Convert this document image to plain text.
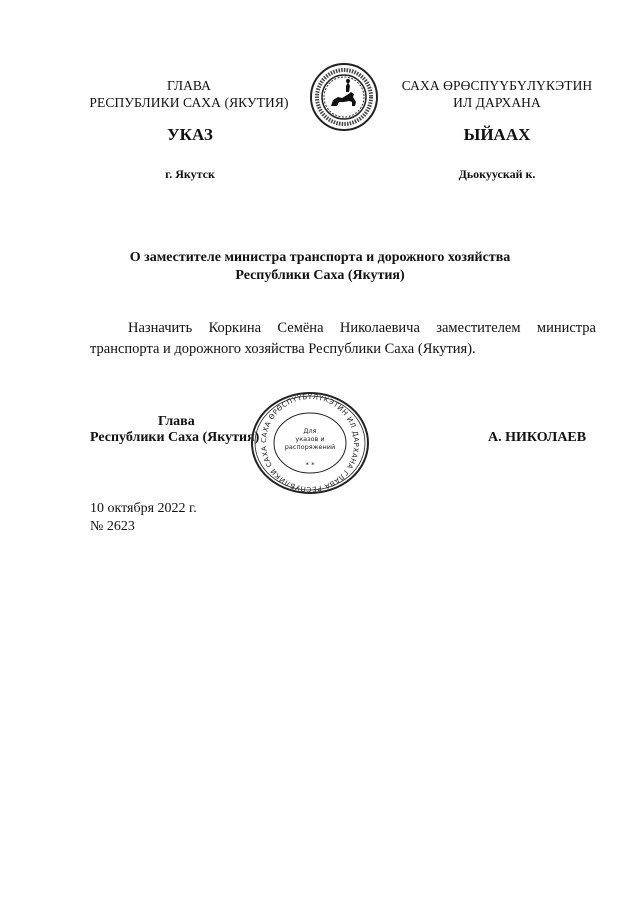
ГЛАВА
РЕСПУБЛИКИ САХА (ЯКУТИЯ)
САХА ӨРӨСПҮҮБҮЛҮКЭТИН
ИЛ ДАРХАНА
УКАЗ	ЫЙААХ
г. Якутск	Дьокуускай к.
О заместителе министра транспорта и дорожного хозяйства
Республики Саха (Якутия)
Назначить Коркина Семёна Николаевича заместителем министра
транспорта и дорожного хозяйства Республики Саха (Якутия).
Глава
Республики Саха (Якутия)	А. НИКОЛАЕВ
САХА ӨРӨСПҮҮБҮЛҮКЭТИН ИЛ ДАРХАНА ГЛАВА РЕСПУБЛИКИ САХА
Для
указов и
распоряжений
* *
10 октября 2022 г.
№ 2623
